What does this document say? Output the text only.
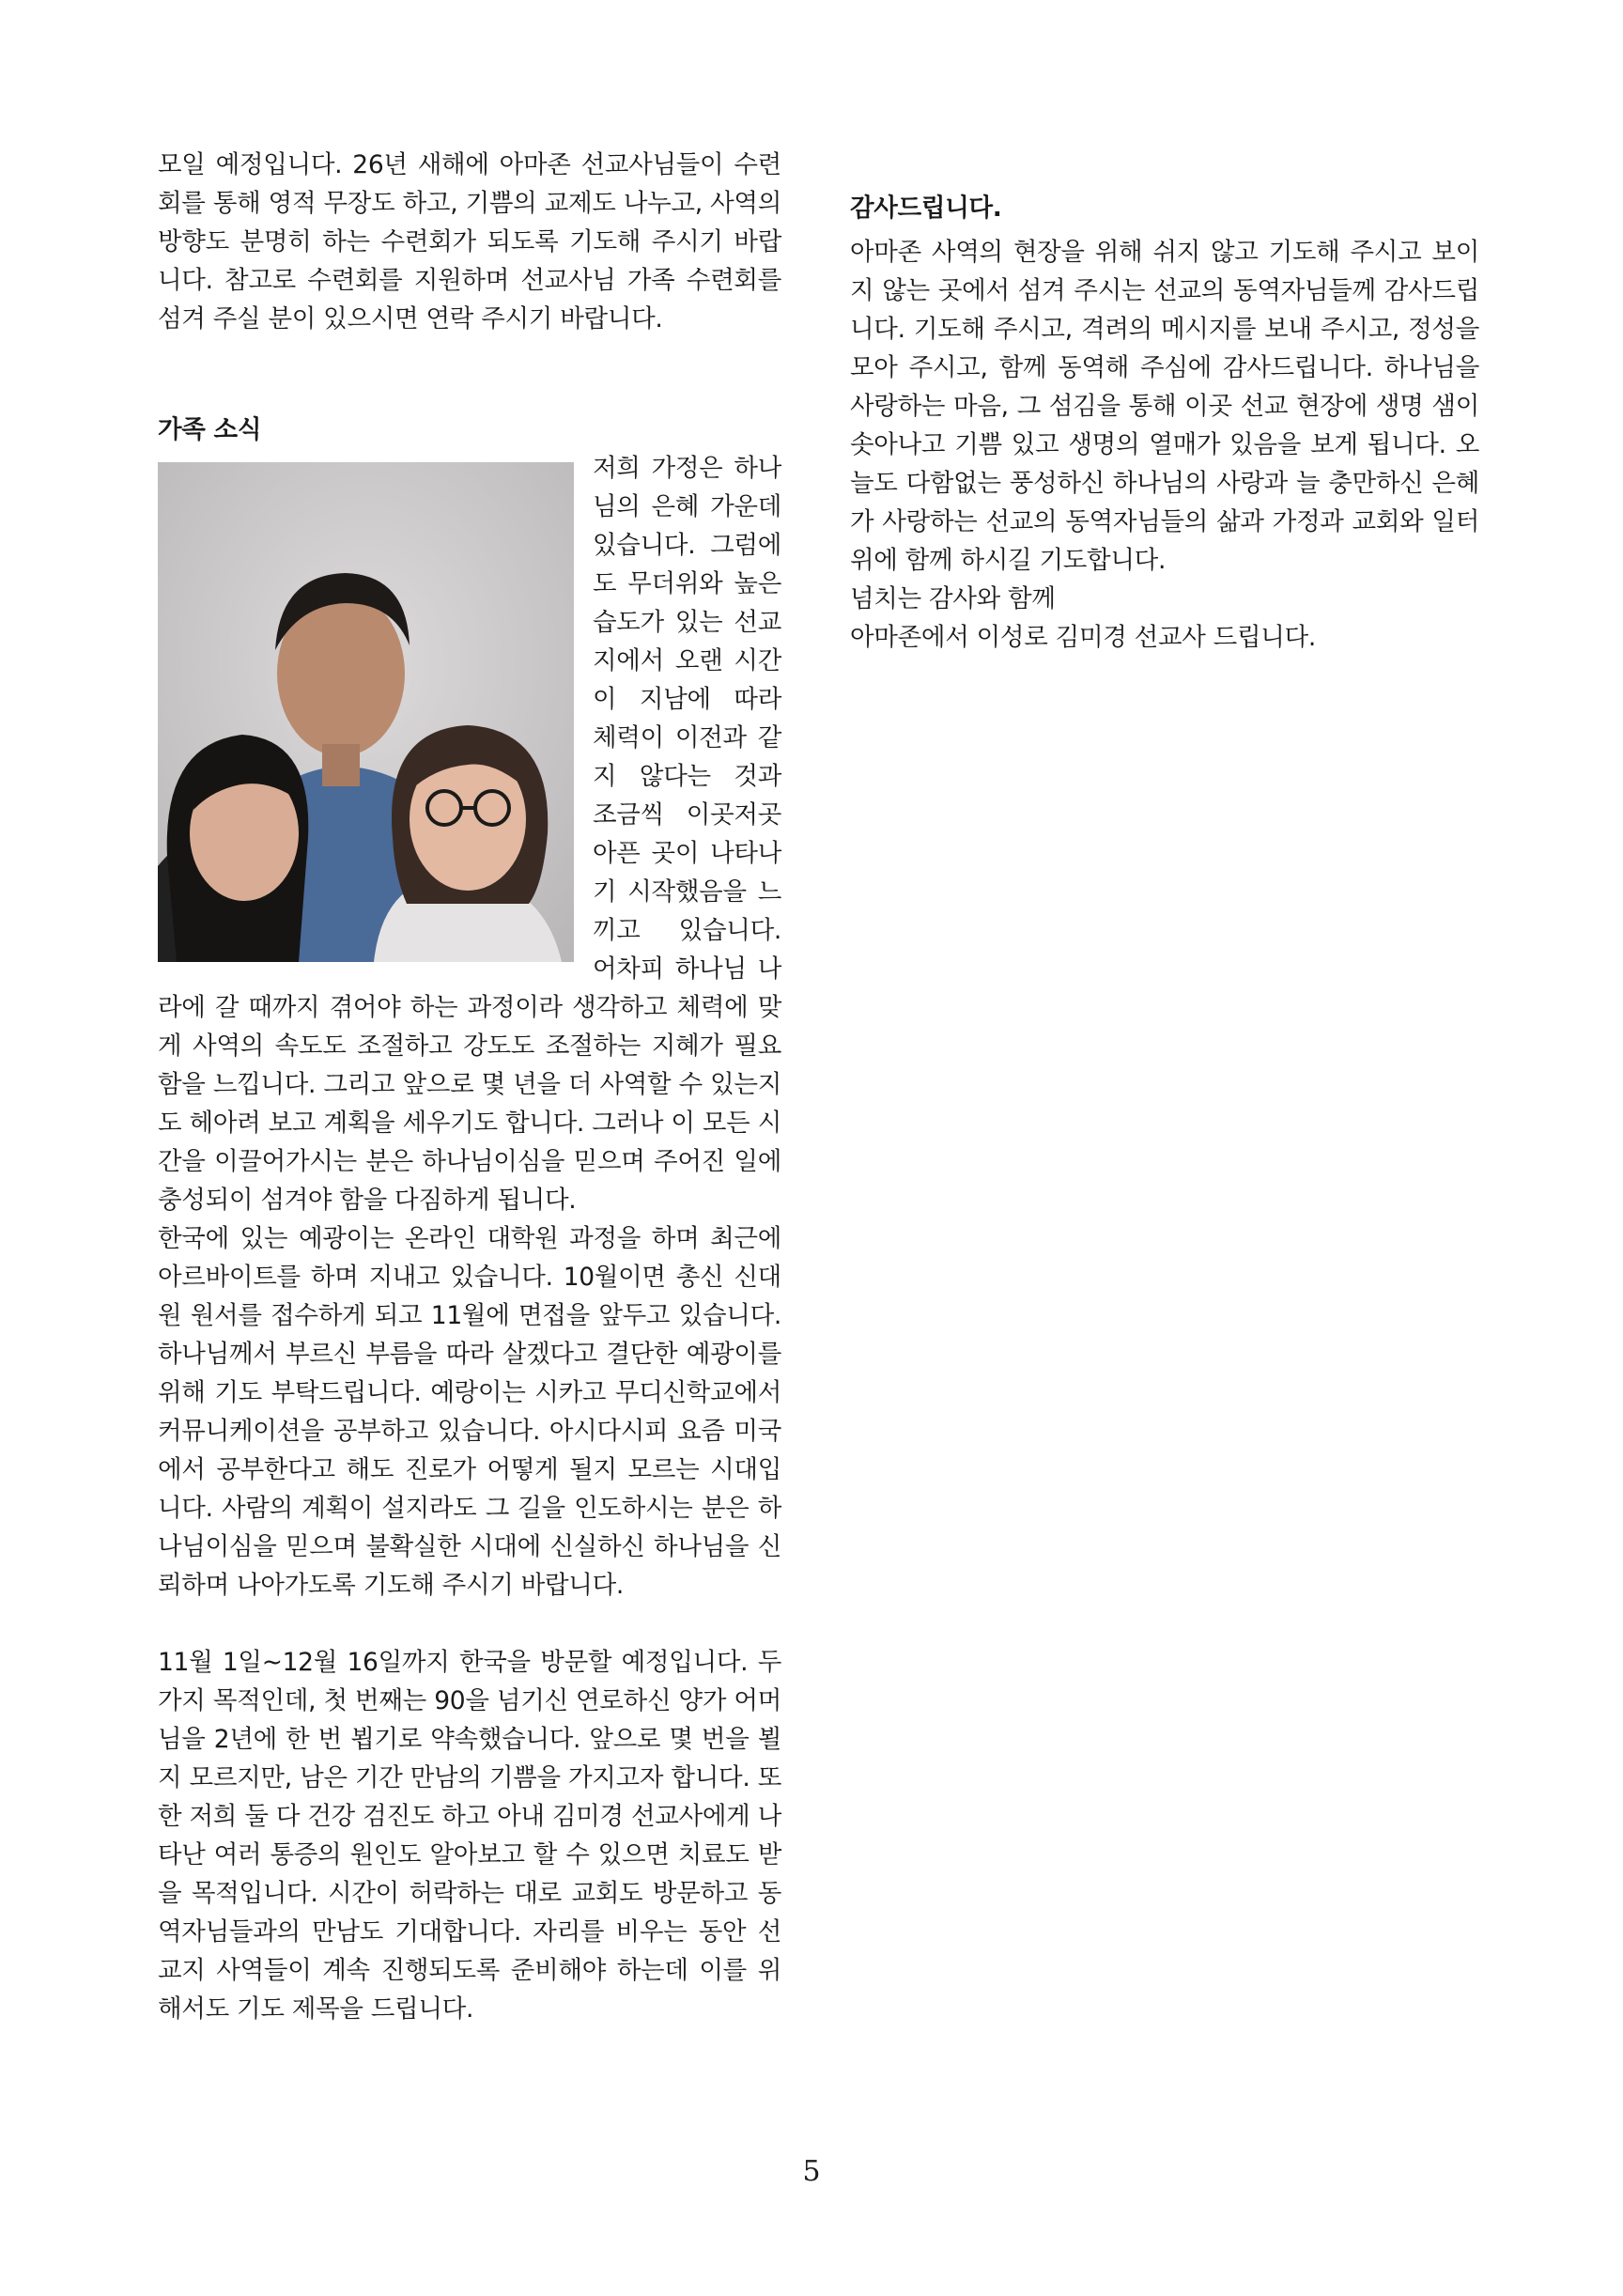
모일 예정입니다. 26년 새해에 아마존 선교사님들이 수련회를 통해 영적 무장도 하고, 기쁨의 교제도 나누고, 사역의 방향도 분명히 하는 수련회가 되도록 기도해 주시기 바랍니다. 참고로 수련회를 지원하며 선교사님 가족 수련회를 섬겨 주실 분이 있으시면 연락 주시기 바랍니다.

가족 소식

저희 가정은 하나님의 은혜 가운데 있습니다. 그럼에도 무더위와 높은 습도가 있는 선교지에서 오랜 시간이 지남에 따라 체력이 이전과 같지 않다는 것과 조금씩 이곳저곳 아픈 곳이 나타나기 시작했음을 느끼고 있습니다. 어차피 하나님 나라에 갈 때까지 겪어야 하는 과정이라 생각하고 체력에 맞게 사역의 속도도 조절하고 강도도 조절하는 지혜가 필요함을 느낍니다. 그리고 앞으로 몇 년을 더 사역할 수 있는지도 헤아려 보고 계획을 세우기도 합니다. 그러나 이 모든 시간을 이끌어가시는 분은 하나님이심을 믿으며 주어진 일에 충성되이 섬겨야 함을 다짐하게 됩니다.

한국에 있는 예광이는 온라인 대학원 과정을 하며 최근에 아르바이트를 하며 지내고 있습니다. 10월이면 총신 신대원 원서를 접수하게 되고 11월에 면접을 앞두고 있습니다. 하나님께서 부르신 부름을 따라 살겠다고 결단한 예광이를 위해 기도 부탁드립니다. 예랑이는 시카고 무디신학교에서 커뮤니케이션을 공부하고 있습니다. 아시다시피 요즘 미국에서 공부한다고 해도 진로가 어떻게 될지 모르는 시대입니다. 사람의 계획이 설지라도 그 길을 인도하시는 분은 하나님이심을 믿으며 불확실한 시대에 신실하신 하나님을 신뢰하며 나아가도록 기도해 주시기 바랍니다.

11월 1일~12월 16일까지 한국을 방문할 예정입니다. 두 가지 목적인데, 첫 번째는 90을 넘기신 연로하신 양가 어머님을 2년에 한 번 뵙기로 약속했습니다. 앞으로 몇 번을 뵐지 모르지만, 남은 기간 만남의 기쁨을 가지고자 합니다. 또한 저희 둘 다 건강 검진도 하고 아내 김미경 선교사에게 나타난 여러 통증의 원인도 알아보고 할 수 있으면 치료도 받을 목적입니다. 시간이 허락하는 대로 교회도 방문하고 동역자님들과의 만남도 기대합니다. 자리를 비우는 동안 선교지 사역들이 계속 진행되도록 준비해야 하는데 이를 위해서도 기도 제목을 드립니다.

감사드립니다.

아마존 사역의 현장을 위해 쉬지 않고 기도해 주시고 보이지 않는 곳에서 섬겨 주시는 선교의 동역자님들께 감사드립니다. 기도해 주시고, 격려의 메시지를 보내 주시고, 정성을 모아 주시고, 함께 동역해 주심에 감사드립니다. 하나님을 사랑하는 마음, 그 섬김을 통해 이곳 선교 현장에 생명 샘이 솟아나고 기쁨 있고 생명의 열매가 있음을 보게 됩니다. 오늘도 다함없는 풍성하신 하나님의 사랑과 늘 충만하신 은혜가 사랑하는 선교의 동역자님들의 삶과 가정과 교회와 일터 위에 함께 하시길 기도합니다.

넘치는 감사와 함께

아마존에서 이성로 김미경 선교사 드립니다.

5
